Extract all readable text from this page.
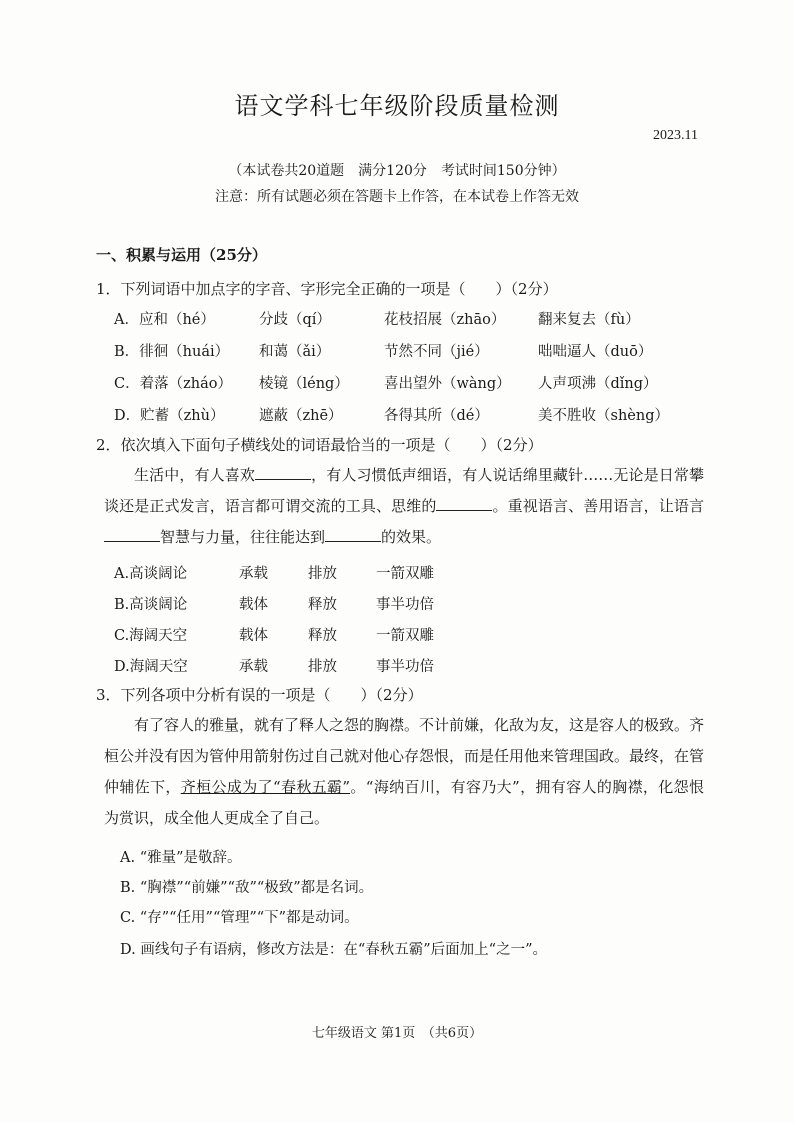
语文学科七年级阶段质量检测
2023.11
（本试卷共20道题　满分120分　考试时间150分钟）
注意：所有试题必须在答题卡上作答，在本试卷上作答无效
一、积累与运用（25分）
1．下列词语中加点字的字音、字形完全正确的一项是（　　）（2分）
A．应和（hé）	分歧（qí）	花枝招展（zhāo） 翻来复去（fù）
B．徘徊（huái） 和蔼（ǎi）	节然不同（jié）	咄咄逼人（duō）
C．着落（zháo） 棱镜（léng） 喜出望外（wàng） 人声项沸（dǐng）
D．贮蓄（zhù） 遮蔽（zhē）	各得其所（dé）	美不胜收（shèng）
2．依次填入下面句子横线处的词语最恰当的一项是（　　）（2分）
生活中，有人喜欢	，有人习惯低声细语，有人说话绵里藏针……无论是日常攀谈还是正式发言，语言都可谓交流的工具、思维的	。重视语言、善用语言，让语言智慧与力量，往往能达到	的效果。
A.高谈阔论	承载	排放	一箭双雕
B.高谈阔论	载体	释放	事半功倍
C.海阔天空	载体	释放	一箭双雕
D.海阔天空	承载	排放	事半功倍
3．下列各项中分析有误的一项是（　　）（2分）
有了容人的雅量，就有了释人之怨的胸襟。不计前嫌，化敌为友，这是容人的极致。齐桓公并没有因为管仲用箭射伤过自己就对他心存怨恨，而是任用他来管理国政。最终，在管仲辅佐下，齐桓公成为了“春秋五霸”。“海纳百川，有容乃大”，拥有容人的胸襟，化怨恨为赏识，成全他人更成全了自己。
A. “雅量”是敬辞。
B. “胸襟”“前嫌”“敌”“极致”都是名词。
C. “存”“任用”“管理”“下”都是动词。
D. 画线句子有语病，修改方法是：在“春秋五霸”后面加上“之一”。
七年级语文 第1页　（共6页）
